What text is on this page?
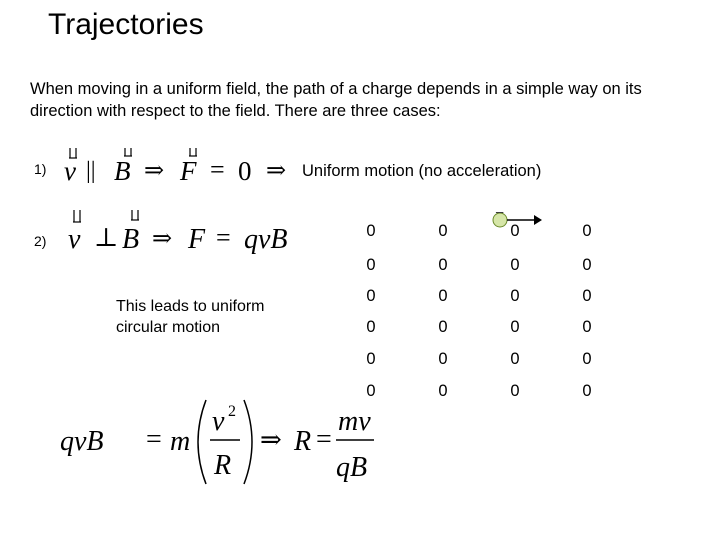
Trajectories
When moving in a uniform field, the path of a charge depends in a simple way on its
direction with respect to the field. There are three cases:
1) v || B ⇒ F = 0 ⇒ Uniform motion (no acceleration)
2) v ⊥ B ⇒ F = qvB
This leads to uniform
circular motion
0	0	0	0
0	0	0	0
0	0	0	0
0	0	0	0
0	0	0	0
0	0	0	0
−
qvB = m
v 2
R
⇒ R =
mv
qB
